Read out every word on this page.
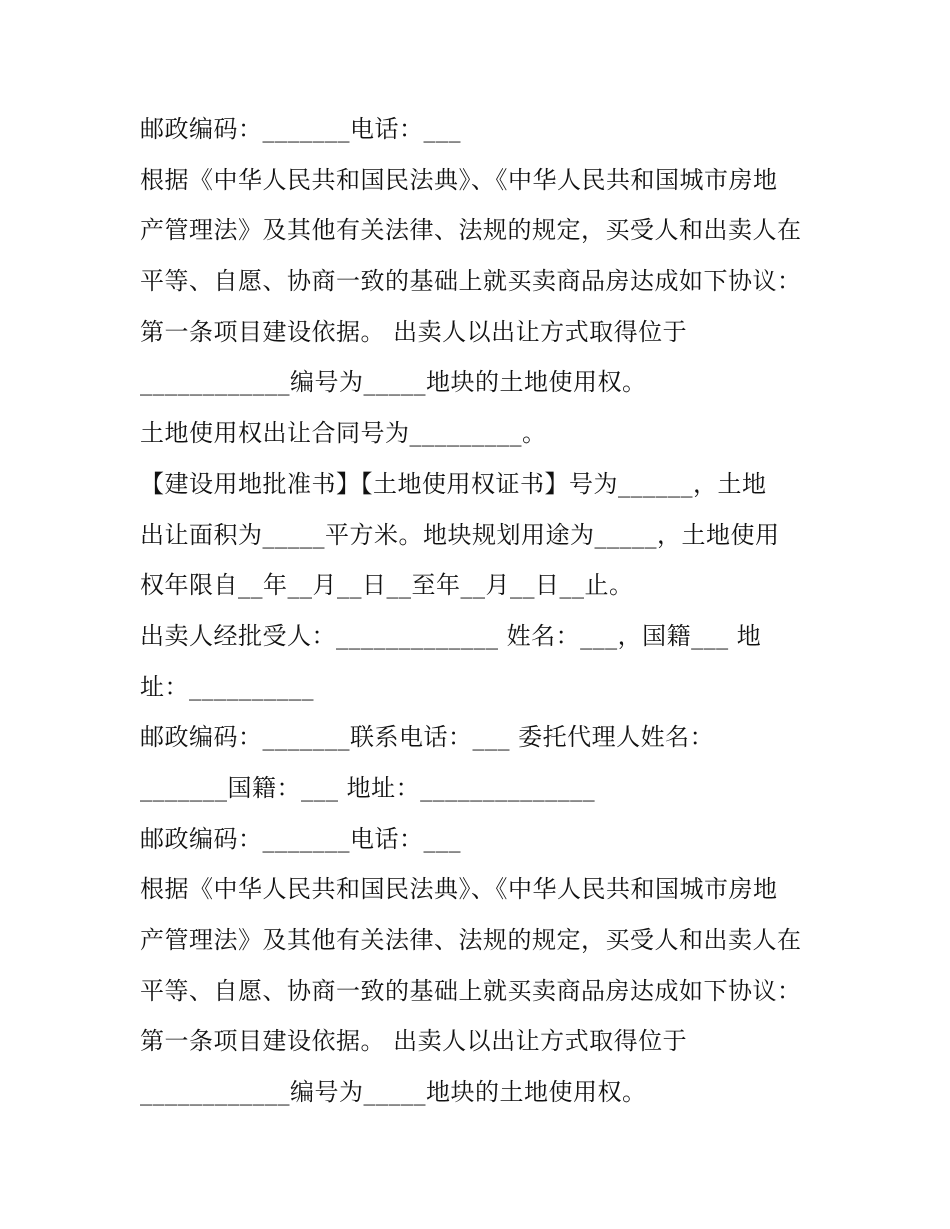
邮政编码：_______电话：___
根据《中华人民共和国民法典》、《中华人民共和国城市房地
产管理法》及其他有关法律、法规的规定，买受人和出卖人在
平等、自愿、协商一致的基础上就买卖商品房达成如下协议：
第一条项目建设依据。 出卖人以出让方式取得位于
____________编号为_____地块的土地使用权。
土地使用权出让合同号为_________。
【建设用地批准书】【土地使用权证书】号为______，土地
出让面积为_____平方米。地块规划用途为_____，土地使用
权年限自__年__月__日__至年__月__日__止。
出卖人经批受人：_____________ 姓名：___，国籍___ 地
址：__________
邮政编码：_______联系电话：___ 委托代理人姓名：
_______国籍：___ 地址：______________
邮政编码：_______电话：___
根据《中华人民共和国民法典》、《中华人民共和国城市房地
产管理法》及其他有关法律、法规的规定，买受人和出卖人在
平等、自愿、协商一致的基础上就买卖商品房达成如下协议：
第一条项目建设依据。 出卖人以出让方式取得位于
____________编号为_____地块的土地使用权。
